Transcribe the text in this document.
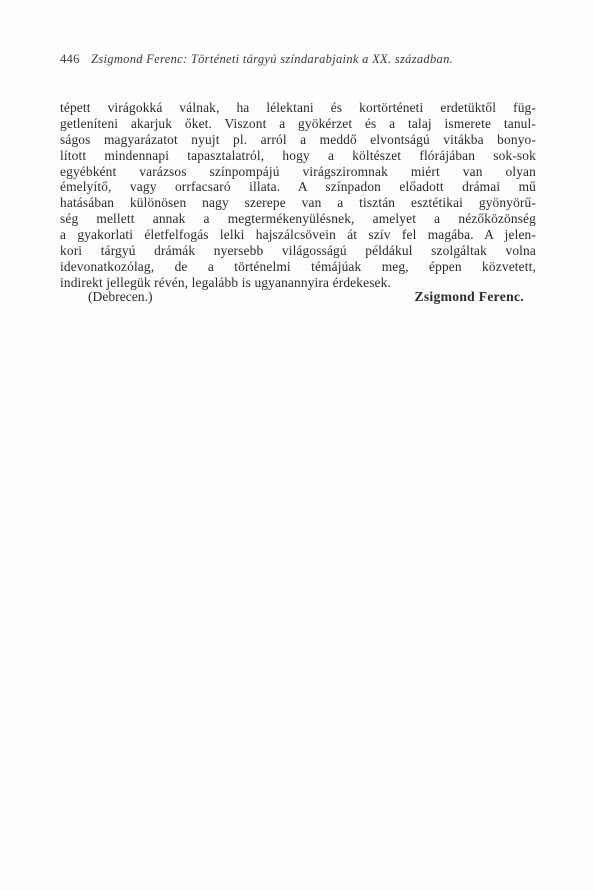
446 Zsigmond Ferenc: Történeti tárgyú színdarabjaink a XX. században.
tépett virágokká válnak, ha lélektani és kortörténeti erdetüktől füg-
getleníteni akarjuk őket. Viszont a gyökérzet és a talaj ismerete tanul-
ságos magyarázatot nyujt pl. arról a meddő elvontságú vitákba bonyo-
lított mindennapi tapasztalatról, hogy a költészet flórájában sok-sok
egyébként varázsos színpompájú virágsziromnak miért van olyan
émelyítő, vagy orrfacsaró illata. A színpadon előadott drámai mű
hatásában különösen nagy szerepe van a tisztán esztétikai gyönyörű-
ség mellett annak a megtermékenyülésnek, amelyet a nézőközönség
a gyakorlati életfelfogás lelki hajszálcsövein át szív fel magába. A jelen-
kori tárgyú drámák nyersebb világosságú példákul szolgáltak volna
idevonatkozólag, de a történelmi témájúak meg, éppen közvetett,
indirekt jellegük révén, legalább is ugyanannyira érdekesek.
(Debrecen.)	Zsigmond Ferenc.
